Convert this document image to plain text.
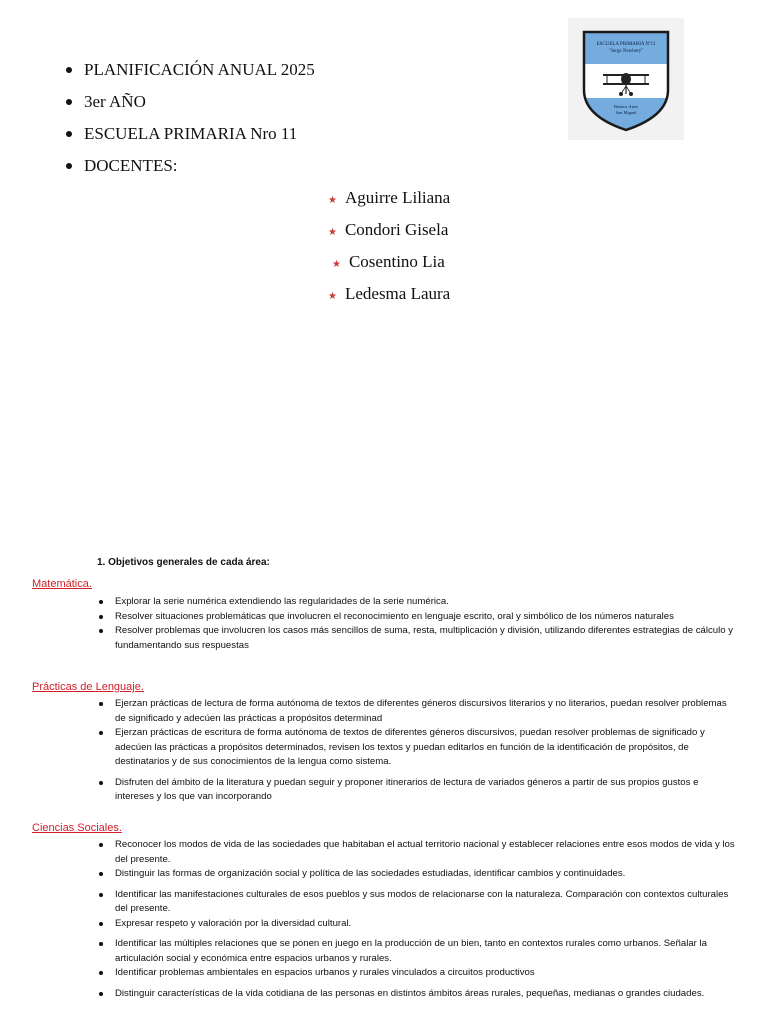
PLANIFICACIÓN ANUAL 2025
3er AÑO
ESCUELA PRIMARIA Nro 11
DOCENTES:
★ Aguirre Liliana
★ Condori Gisela
★ Cosentino Lia
★ Ledesma Laura
ESCUELA PRIMARIA Nº11
"Jorge Newbery"
Buenos Aires
San Miguel

1. Objetivos generales de cada área:

Matemática.

Explorar la serie numérica extendiendo las regularidades de la serie numérica.
Resolver situaciones problemáticas que involucren el reconocimiento en lenguaje escrito, oral y simbólico de los números naturales
Resolver problemas que involucren los casos más sencillos de suma, resta, multiplicación y división, utilizando diferentes estrategias de cálculo y fundamentando sus respuestas

Prácticas de Lenguaje.

Ejerzan prácticas de lectura de forma autónoma de textos de diferentes géneros discursivos literarios y no literarios, puedan resolver problemas de significado y adecúen las prácticas a propósitos determinad
Ejerzan prácticas de escritura de forma autónoma de textos de diferentes géneros discursivos, puedan resolver problemas de significado y adecúen las prácticas a propósitos determinados, revisen los textos y puedan editarlos en función de la identificación de propósitos, de destinatarios y de sus conocimientos de la lengua como sistema.
Disfruten del ámbito de la literatura y puedan seguir y proponer itinerarios de lectura de variados géneros a partir de sus propios gustos e intereses y los que van incorporando

Ciencias Sociales.

Reconocer los modos de vida de las sociedades que habitaban el actual territorio nacional y establecer relaciones entre esos modos de vida y los del presente.
Distinguir las formas de organización social y política de las sociedades estudiadas, identificar cambios y continuidades.
Identificar las manifestaciones culturales de esos pueblos y sus modos de relacionarse con la naturaleza. Comparación con contextos culturales del presente.
Expresar respeto y valoración por la diversidad cultural.
Identificar las múltiples relaciones que se ponen en juego en la producción de un bien, tanto en contextos rurales como urbanos. Señalar la articulación social y económica entre espacios urbanos y rurales.
Identificar problemas ambientales en espacios urbanos y rurales vinculados a circuitos productivos
Distinguir características de la vida cotidiana de las personas en distintos ámbitos áreas rurales, pequeñas, medianas o grandes ciudades.
